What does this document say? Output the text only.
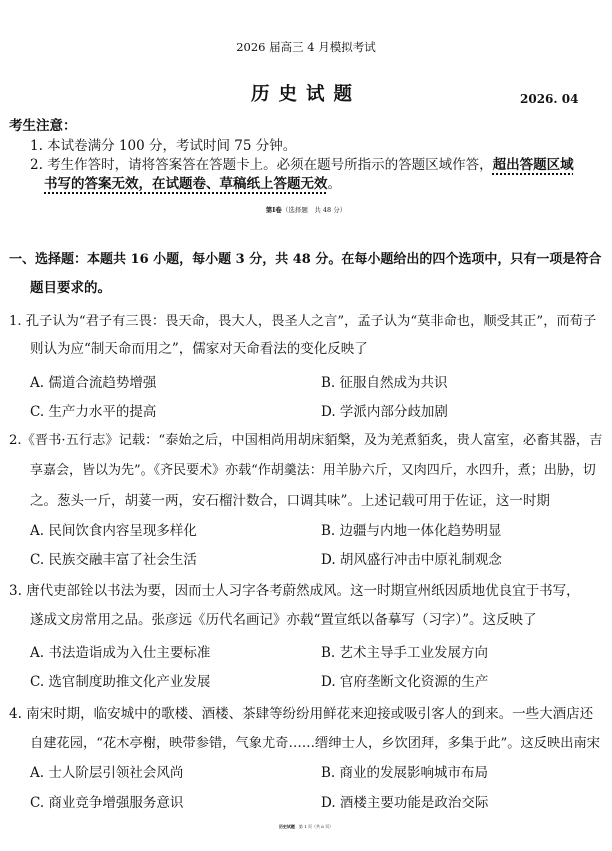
2026 届高三 4 月模拟考试
历史试题	2026. 04
考生注意：
1. 本试卷满分 100 分，考试时间 75 分钟。
2. 考生作答时，请将答案答在答题卡上。必须在题号所指示的答题区域作答，超出答题区域
书写的答案无效，在试题卷、草稿纸上答题无效。
第Ⅰ卷（选择题　共 48 分）
一、选择题：本题共 16 小题，每小题 3 分，共 48 分。在每小题给出的四个选项中，只有一项是符合
题目要求的。
1. 孔子认为“君子有三畏：畏天命，畏大人，畏圣人之言”，孟子认为“莫非命也，顺受其正”，而荀子
则认为应“制天命而用之”，儒家对天命看法的变化反映了
A. 儒道合流趋势增强	B. 征服自然成为共识
C. 生产力水平的提高	D. 学派内部分歧加剧
2.《晋书·五行志》记载：“泰始之后，中国相尚用胡床貊槃，及为羌煮貊炙，贵人富室，必畜其器，吉
享嘉会，皆以为先”。《齐民要术》亦载“作胡羹法：用羊胁六斤，又肉四斤，水四升，煮；出胁，切
之。葱头一斤，胡荽一两，安石榴汁数合，口调其味”。上述记载可用于佐证，这一时期
A. 民间饮食内容呈现多样化	B. 边疆与内地一体化趋势明显
C. 民族交融丰富了社会生活	D. 胡风盛行冲击中原礼制观念
3. 唐代吏部铨以书法为要，因而士人习字各考蔚然成风。这一时期宣州纸因质地优良宜于书写，
遂成文房常用之品。张彦远《历代名画记》亦载“置宣纸以备摹写（习字）”。这反映了
A. 书法造诣成为入仕主要标准	B. 艺术主导手工业发展方向
C. 选官制度助推文化产业发展	D. 官府垄断文化资源的生产
4. 南宋时期，临安城中的歌楼、酒楼、茶肆等纷纷用鲜花来迎接或吸引客人的到来。一些大酒店还
自建花园，“花木亭榭，映带参错，气象尤奇……缙绅士人，乡饮团拜，多集于此”。这反映出南宋
A. 士人阶层引领社会风尚	B. 商业的发展影响城市布局
C. 商业竞争增强服务意识	D. 酒楼主要功能是政治交际
历史试题　 第 1 页（共 6 页）
